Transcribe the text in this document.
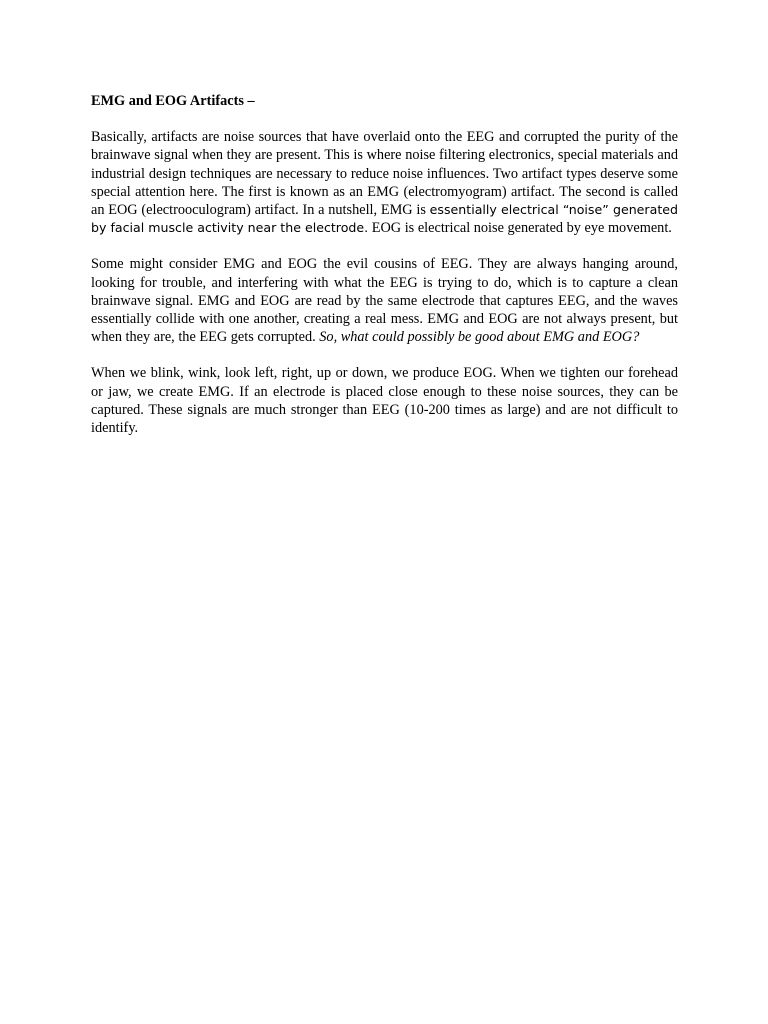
EMG and EOG Artifacts –

Basically, artifacts are noise sources that have overlaid onto the EEG and corrupted the purity of the brainwave signal when they are present. This is where noise filtering electronics, special materials and industrial design techniques are necessary to reduce noise influences. Two artifact types deserve some special attention here. The first is known as an EMG (electromyogram) artifact. The second is called an EOG (electrooculogram) artifact. In a nutshell, EMG is essentially electrical “noise” generated by facial muscle activity near the electrode. EOG is electrical noise generated by eye movement.

Some might consider EMG and EOG the evil cousins of EEG. They are always hanging around, looking for trouble, and interfering with what the EEG is trying to do, which is to capture a clean brainwave signal. EMG and EOG are read by the same electrode that captures EEG, and the waves essentially collide with one another, creating a real mess. EMG and EOG are not always present, but when they are, the EEG gets corrupted. So, what could possibly be good about EMG and EOG?

When we blink, wink, look left, right, up or down, we produce EOG. When we tighten our forehead or jaw, we create EMG. If an electrode is placed close enough to these noise sources, they can be captured. These signals are much stronger than EEG (10-200 times as large) and are not difficult to identify.
